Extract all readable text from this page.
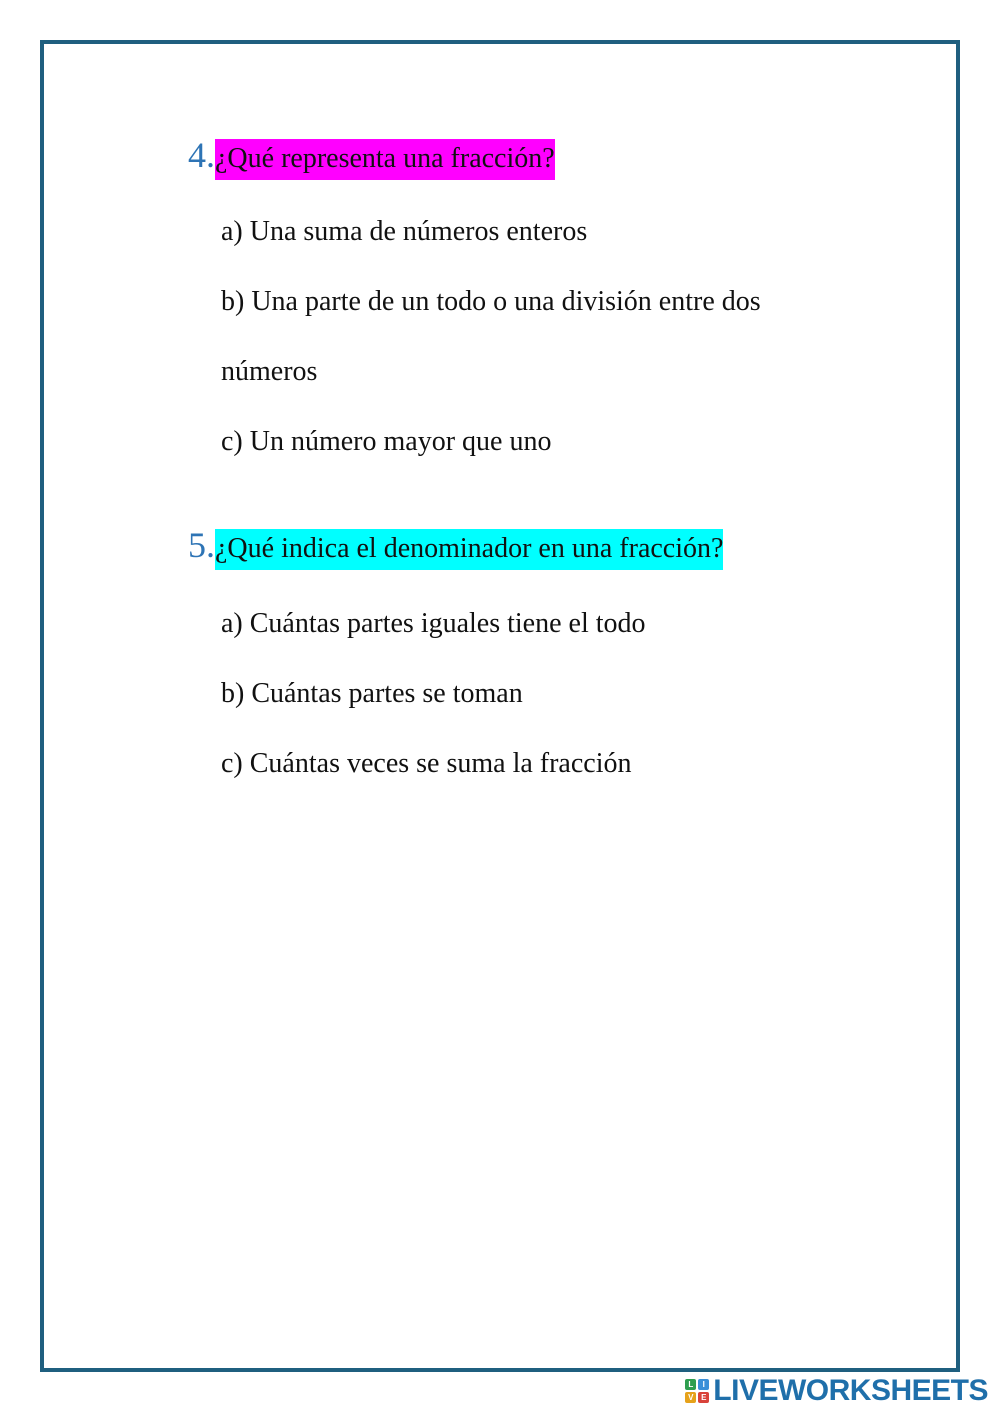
4.¿Qué representa una fracción?
a) Una suma de números enteros
b) Una parte de un todo o una división entre dos
números
c) Un número mayor que uno
5.¿Qué indica el denominador en una fracción?
a) Cuántas partes iguales tiene el todo
b) Cuántas partes se toman
c) Cuántas veces se suma la fracción
L	I
V E LIVEWORKSHEETS
